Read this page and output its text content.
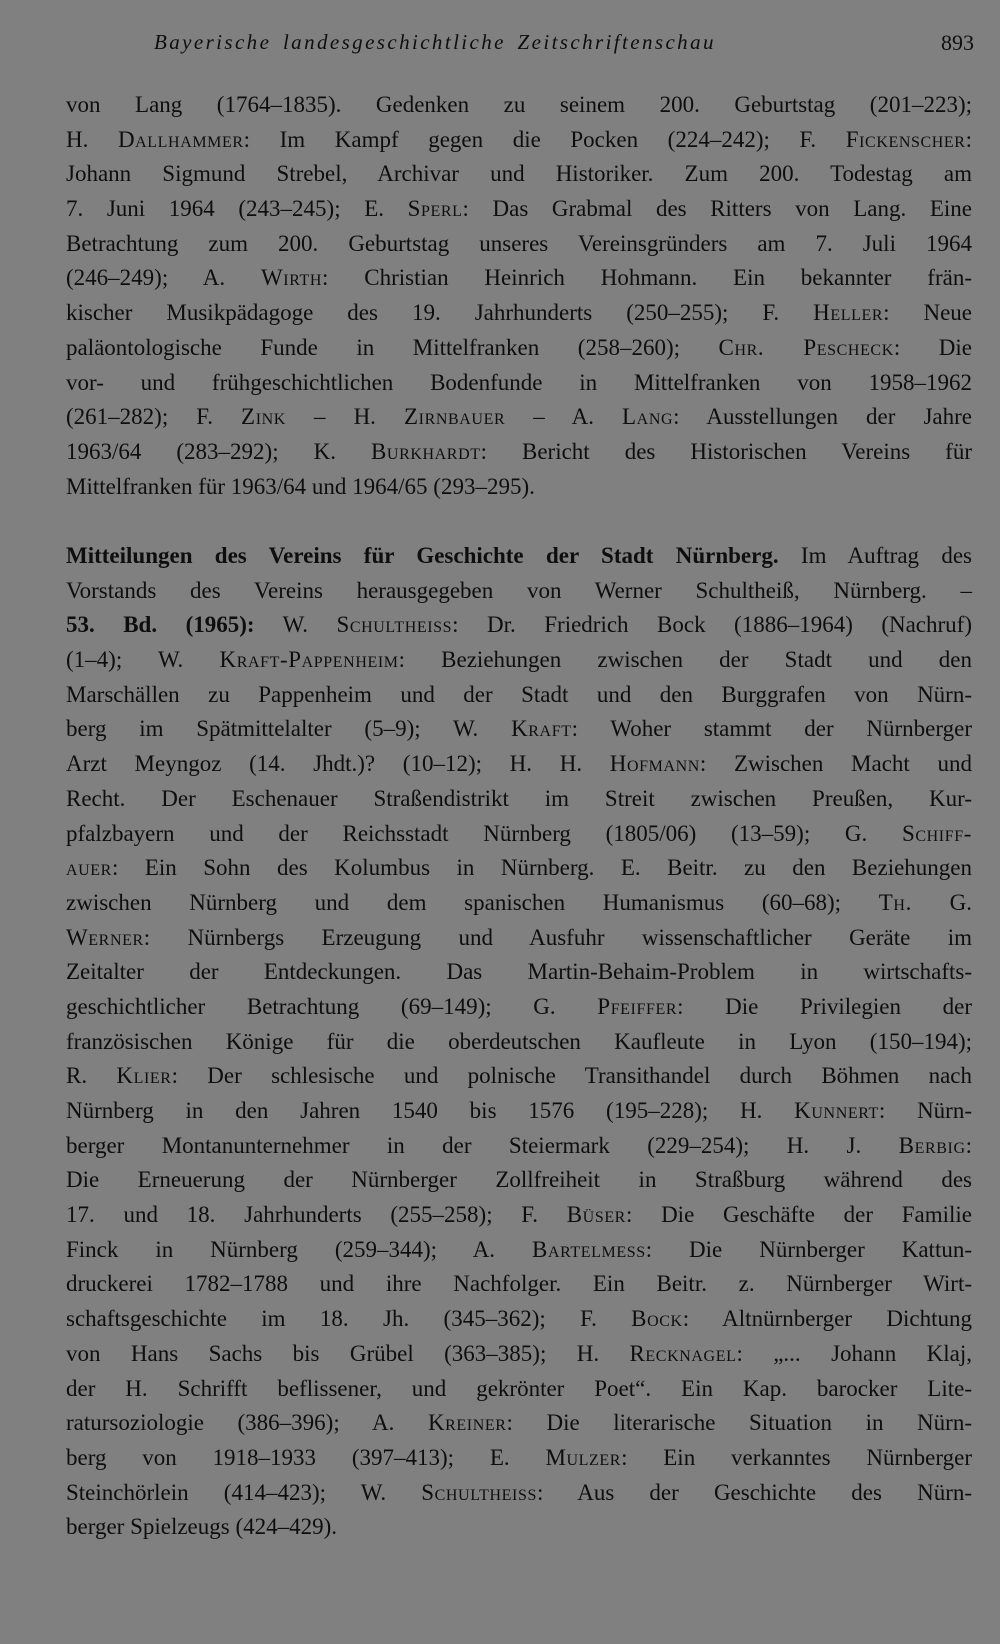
Bayerische landesgeschichtliche Zeitschriftenschau	893
von Lang (1764–1835). Gedenken zu seinem 200. Geburtstag (201–223);
H. Dallhammer: Im Kampf gegen die Pocken (224–242); F. Fickenscher:
Johann Sigmund Strebel, Archivar und Historiker. Zum 200. Todestag am
7. Juni 1964 (243–245); E. Sperl: Das Grabmal des Ritters von Lang. Eine
Betrachtung zum 200. Geburtstag unseres Vereinsgründers am 7. Juli 1964
(246–249); A. Wirth: Christian Heinrich Hohmann. Ein bekannter frän-
kischer Musikpädagoge des 19. Jahrhunderts (250–255); F. Heller: Neue
paläontologische Funde in Mittelfranken (258–260); Chr. Pescheck: Die
vor- und frühgeschichtlichen Bodenfunde in Mittelfranken von 1958–1962
(261–282); F. Zink – H. Zirnbauer – A. Lang: Ausstellungen der Jahre
1963/64 (283–292); K. Burkhardt: Bericht des Historischen Vereins für
Mittelfranken für 1963/64 und 1964/65 (293–295).
Mitteilungen des Vereins für Geschichte der Stadt Nürnberg. Im Auftrag des
Vorstands des Vereins herausgegeben von Werner Schultheiß, Nürnberg. –
53. Bd. (1965): W. Schultheiss: Dr. Friedrich Bock (1886–1964) (Nachruf)
(1–4); W. Kraft-Pappenheim: Beziehungen zwischen der Stadt und den
Marschällen zu Pappenheim und der Stadt und den Burggrafen von Nürn-
berg im Spätmittelalter (5–9); W. Kraft: Woher stammt der Nürnberger
Arzt Meyngoz (14. Jhdt.)? (10–12); H. H. Hofmann: Zwischen Macht und
Recht. Der Eschenauer Straßendistrikt im Streit zwischen Preußen, Kur-
pfalzbayern und der Reichsstadt Nürnberg (1805/06) (13–59); G. Schiff-
auer: Ein Sohn des Kolumbus in Nürnberg. E. Beitr. zu den Beziehungen
zwischen Nürnberg und dem spanischen Humanismus (60–68); Th. G.
Werner: Nürnbergs Erzeugung und Ausfuhr wissenschaftlicher Geräte im
Zeitalter der Entdeckungen. Das Martin-Behaim-Problem in wirtschafts-
geschichtlicher Betrachtung (69–149); G. Pfeiffer: Die Privilegien der
französischen Könige für die oberdeutschen Kaufleute in Lyon (150–194);
R. Klier: Der schlesische und polnische Transithandel durch Böhmen nach
Nürnberg in den Jahren 1540 bis 1576 (195–228); H. Kunnert: Nürn-
berger Montanunternehmer in der Steiermark (229–254); H. J. Berbig:
Die Erneuerung der Nürnberger Zollfreiheit in Straßburg während des
17. und 18. Jahrhunderts (255–258); F. Büser: Die Geschäfte der Familie
Finck in Nürnberg (259–344); A. Bartelmess: Die Nürnberger Kattun-
druckerei 1782–1788 und ihre Nachfolger. Ein Beitr. z. Nürnberger Wirt-
schaftsgeschichte im 18. Jh. (345–362); F. Bock: Altnürnberger Dichtung
von Hans Sachs bis Grübel (363–385); H. Recknagel: „... Johann Klaj,
der H. Schrifft beflissener, und gekrönter Poet“. Ein Kap. barocker Lite-
ratursoziologie (386–396); A. Kreiner: Die literarische Situation in Nürn-
berg von 1918–1933 (397–413); E. Mulzer: Ein verkanntes Nürnberger
Steinchörlein (414–423); W. Schultheiss: Aus der Geschichte des Nürn-
berger Spielzeugs (424–429).
